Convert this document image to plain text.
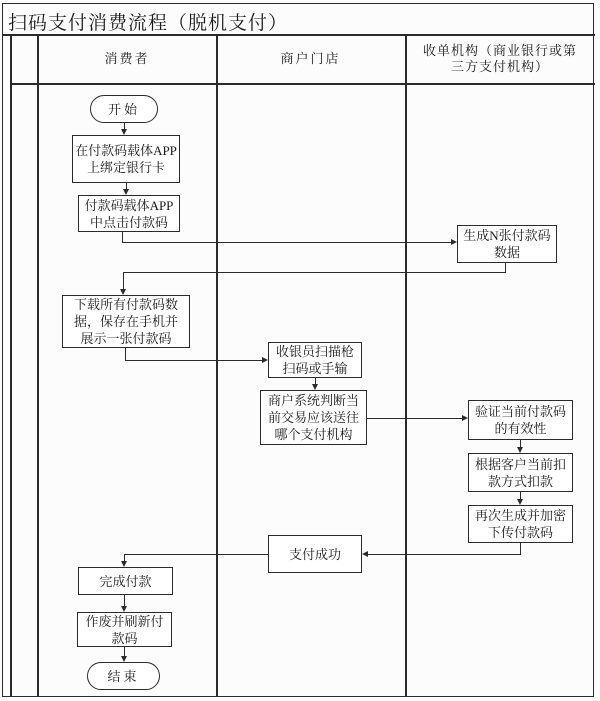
扫码支付消费流程（脱机支付）
消费者	商户门店
收单机构（商业银行或第三方支付机构）
开始
在付款码载体APP上绑定银行卡
付款码载体APP中点击付款码
下载所有付款码数据，保存在手机并展示一张付款码
完成付款
作废并刷新付款码
结束
收银员扫描枪扫码或手输
商户系统判断当前交易应该送往哪个支付机构
支付成功
生成N张付款码数据
验证当前付款码的有效性
根据客户当前扣款方式扣款
再次生成并加密下传付款码
